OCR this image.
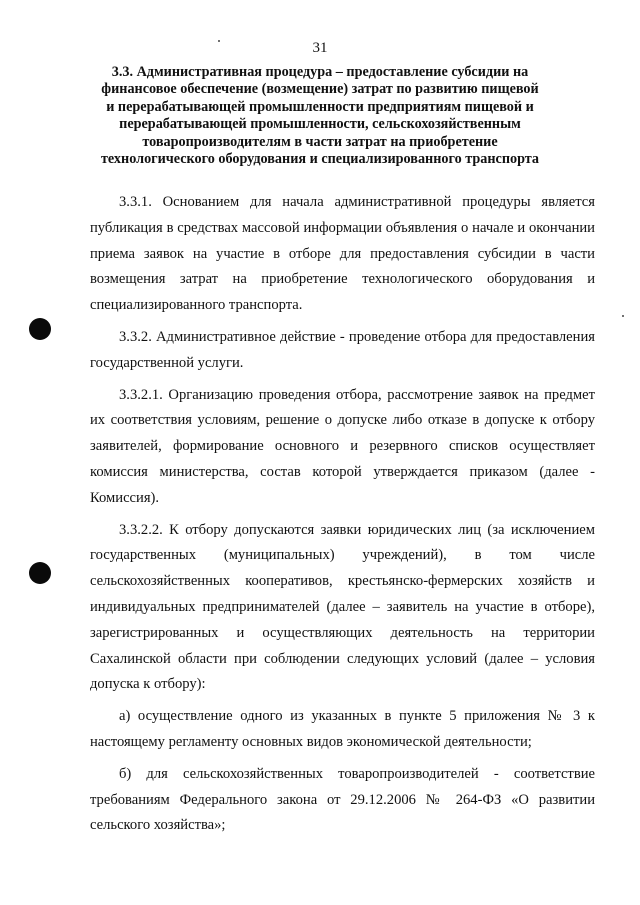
31
3.3. Административная процедура – предоставление субсидии на финансовое обеспечение (возмещение) затрат по развитию пищевой и перерабатывающей промышленности предприятиям пищевой и перерабатывающей промышленности, сельскохозяйственным товаропроизводителям в части затрат на приобретение технологического оборудования и специализированного транспорта

3.3.1. Основанием для начала административной процедуры является публикация в средствах массовой информации объявления о начале и окончании приема заявок на участие в отборе для предоставления субсидии в части возмещения затрат на приобретение технологического оборудования и специализированного транспорта.

3.3.2. Административное действие - проведение отбора для предоставления государственной услуги.

3.3.2.1. Организацию проведения отбора, рассмотрение заявок на предмет их соответствия условиям, решение о допуске либо отказе в допуске к отбору заявителей, формирование основного и резервного списков осуществляет комиссия министерства, состав которой утверждается приказом (далее - Комиссия).

3.3.2.2. К отбору допускаются заявки юридических лиц (за исключением государственных (муниципальных) учреждений), в том числе сельскохозяйственных кооперативов, крестьянско-фермерских хозяйств и индивидуальных предпринимателей (далее – заявитель на участие в отборе), зарегистрированных и осуществляющих деятельность на территории Сахалинской области при соблюдении следующих условий (далее – условия допуска к отбору):

а) осуществление одного из указанных в пункте 5 приложения № 3 к настоящему регламенту основных видов экономической деятельности;

б) для сельскохозяйственных товаропроизводителей - соответствие требованиям Федерального закона от 29.12.2006 № 264-ФЗ «О развитии сельского хозяйства»;
